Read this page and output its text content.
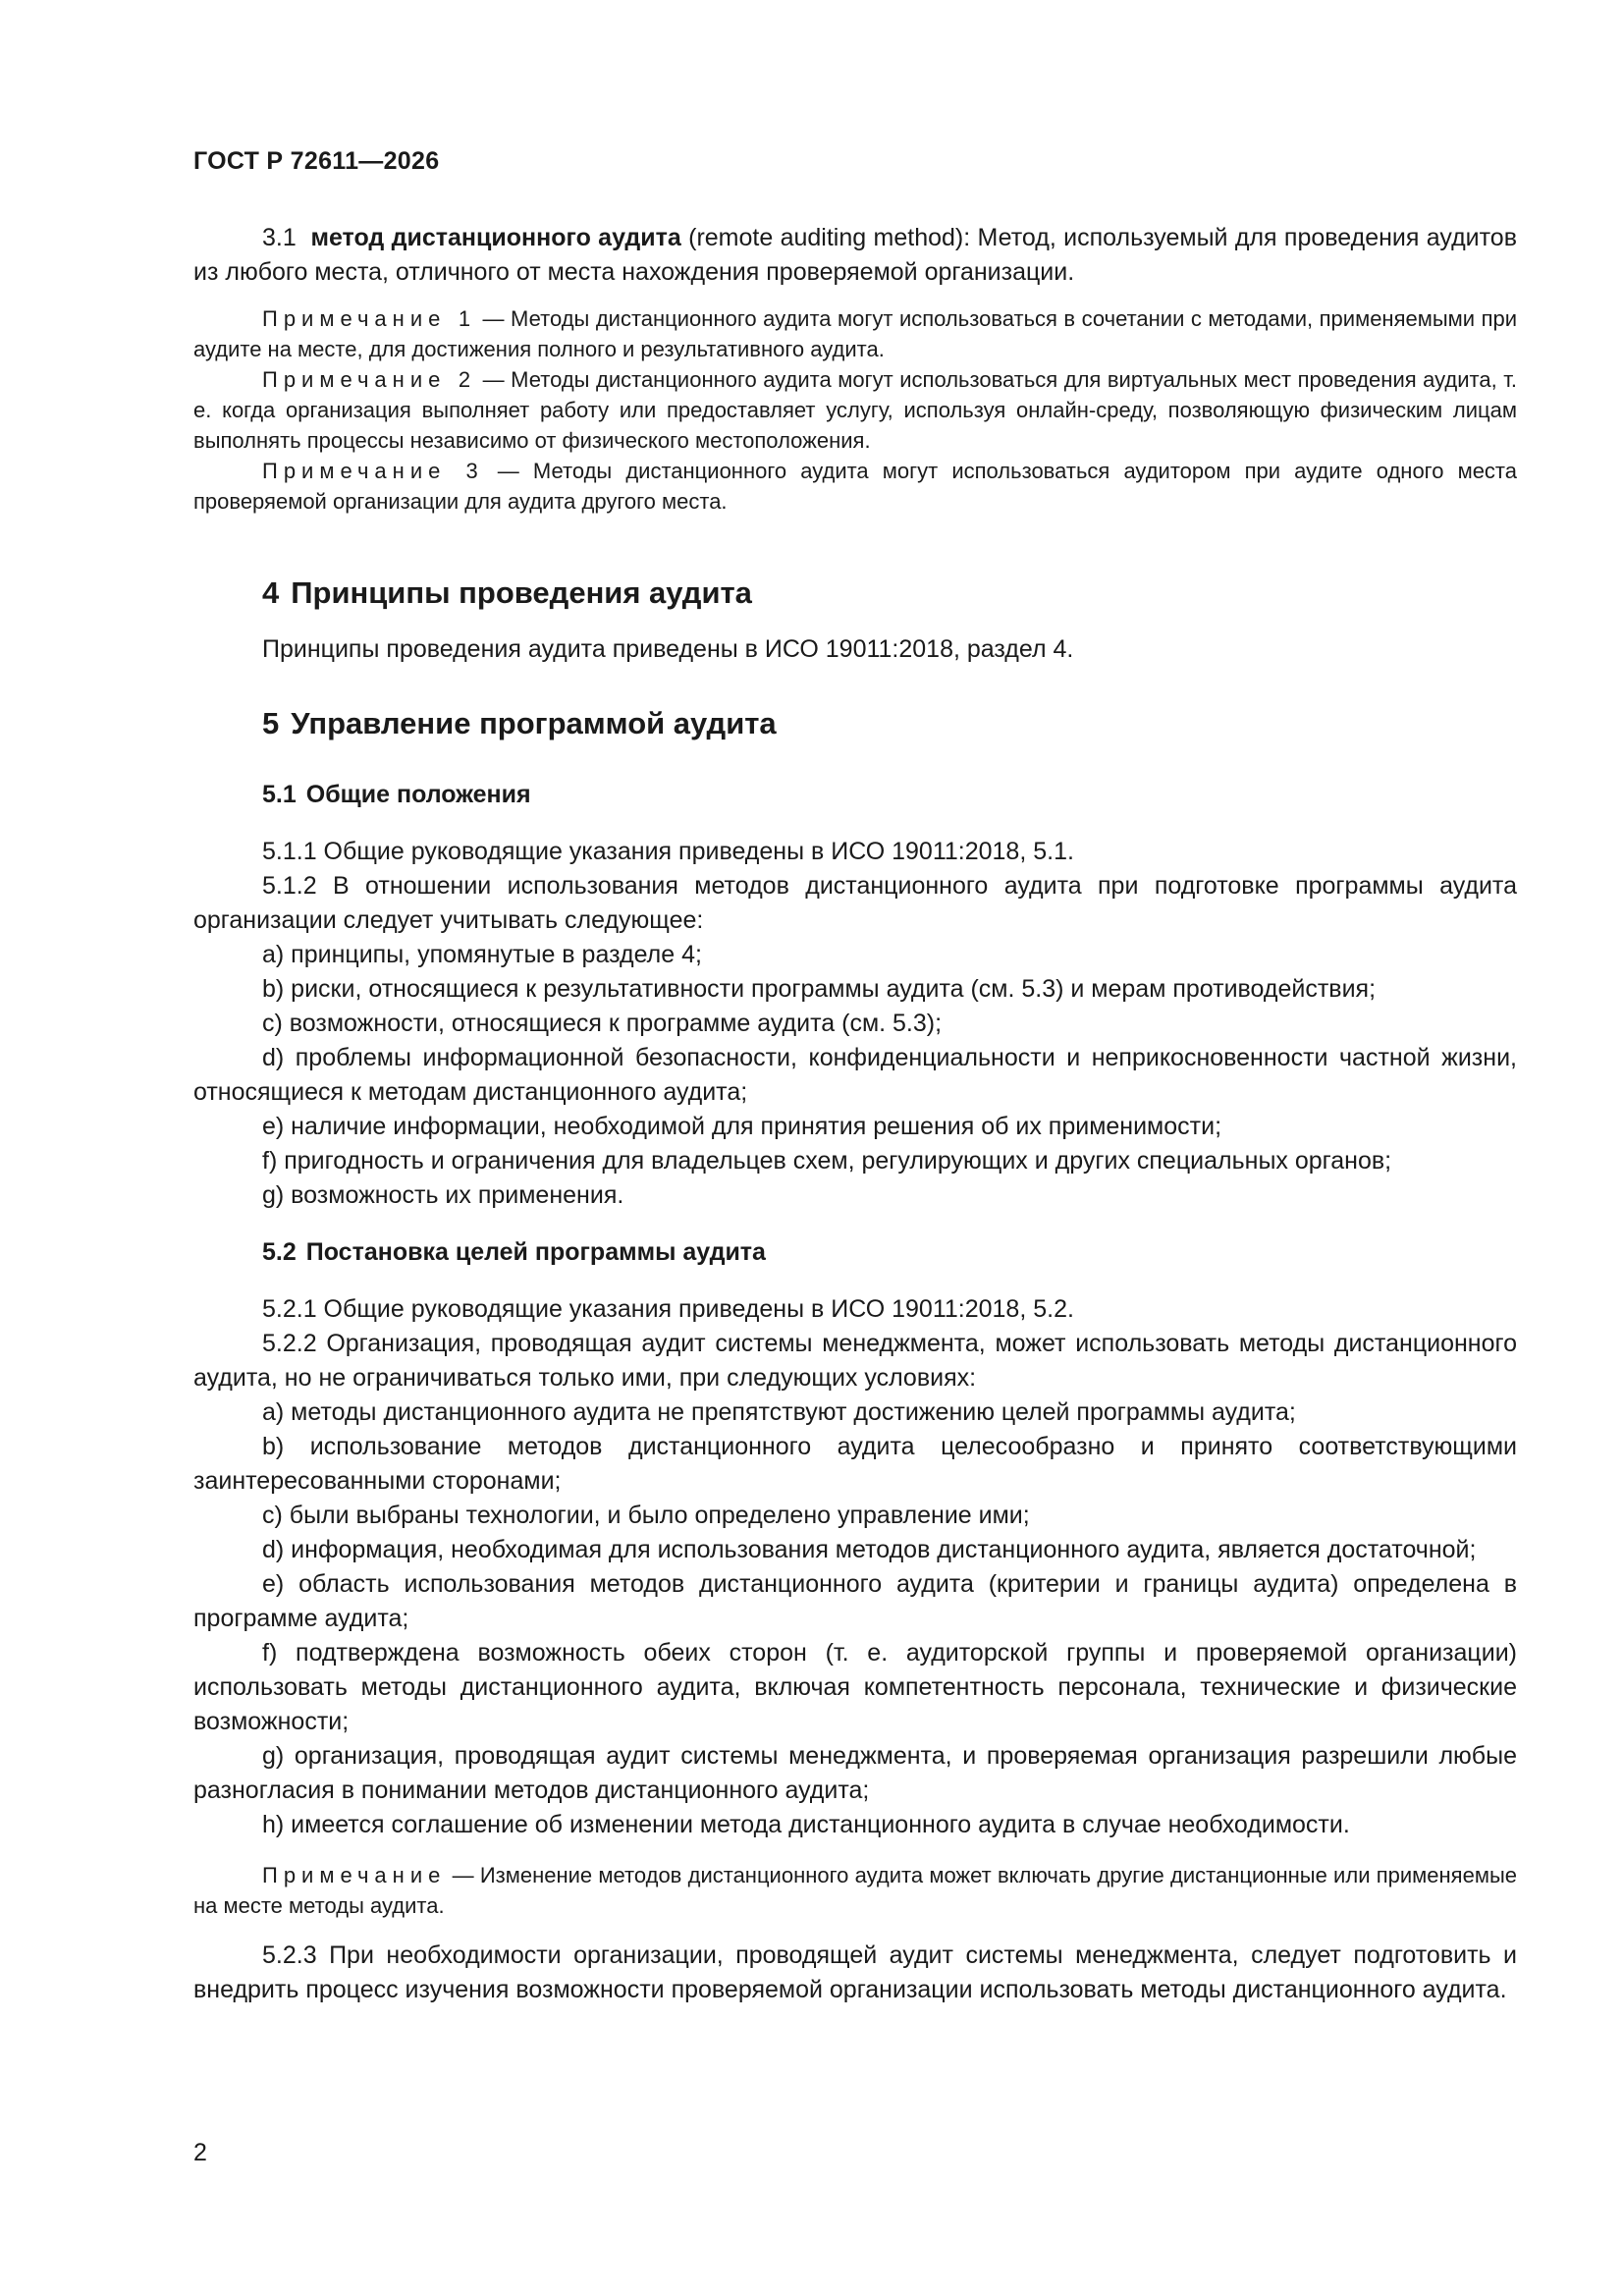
ГОСТ Р 72611—2026

3.1 метод дистанционного аудита (remote auditing method): Метод, используемый для проведения аудитов из любого места, отличного от места нахождения проверяемой организации.

Примечание 1 — Методы дистанционного аудита могут использоваться в сочетании с методами, применяемыми при аудите на месте, для достижения полного и результативного аудита.

Примечание 2 — Методы дистанционного аудита могут использоваться для виртуальных мест проведения аудита, т. е. когда организация выполняет работу или предоставляет услугу, используя онлайн-среду, позволяющую физическим лицам выполнять процессы независимо от физического местоположения.

Примечание 3 — Методы дистанционного аудита могут использоваться аудитором при аудите одного места проверяемой организации для аудита другого места.

4 Принципы проведения аудита

Принципы проведения аудита приведены в ИСО 19011:2018, раздел 4.

5 Управление программой аудита
5.1 Общие положения

5.1.1 Общие руководящие указания приведены в ИСО 19011:2018, 5.1.

5.1.2 В отношении использования методов дистанционного аудита при подготовке программы аудита организации следует учитывать следующее:

a) принципы, упомянутые в разделе 4;

b) риски, относящиеся к результативности программы аудита (см. 5.3) и мерам противодействия;

c) возможности, относящиеся к программе аудита (см. 5.3);

d) проблемы информационной безопасности, конфиденциальности и неприкосновенности частной жизни, относящиеся к методам дистанционного аудита;

e) наличие информации, необходимой для принятия решения об их применимости;

f) пригодность и ограничения для владельцев схем, регулирующих и других специальных органов;

g) возможность их применения.

5.2 Постановка целей программы аудита

5.2.1 Общие руководящие указания приведены в ИСО 19011:2018, 5.2.

5.2.2 Организация, проводящая аудит системы менеджмента, может использовать методы дистанционного аудита, но не ограничиваться только ими, при следующих условиях:

a) методы дистанционного аудита не препятствуют достижению целей программы аудита;

b) использование методов дистанционного аудита целесообразно и принято соответствующими заинтересованными сторонами;

c) были выбраны технологии, и было определено управление ими;

d) информация, необходимая для использования методов дистанционного аудита, является достаточной;

e) область использования методов дистанционного аудита (критерии и границы аудита) определена в программе аудита;

f) подтверждена возможность обеих сторон (т. е. аудиторской группы и проверяемой организации) использовать методы дистанционного аудита, включая компетентность персонала, технические и физические возможности;

g) организация, проводящая аудит системы менеджмента, и проверяемая организация разрешили любые разногласия в понимании методов дистанционного аудита;

h) имеется соглашение об изменении метода дистанционного аудита в случае необходимости.

Примечание — Изменение методов дистанционного аудита может включать другие дистанционные или применяемые на месте методы аудита.

5.2.3 При необходимости организации, проводящей аудит системы менеджмента, следует подготовить и внедрить процесс изучения возможности проверяемой организации использовать методы дистанционного аудита.

2
